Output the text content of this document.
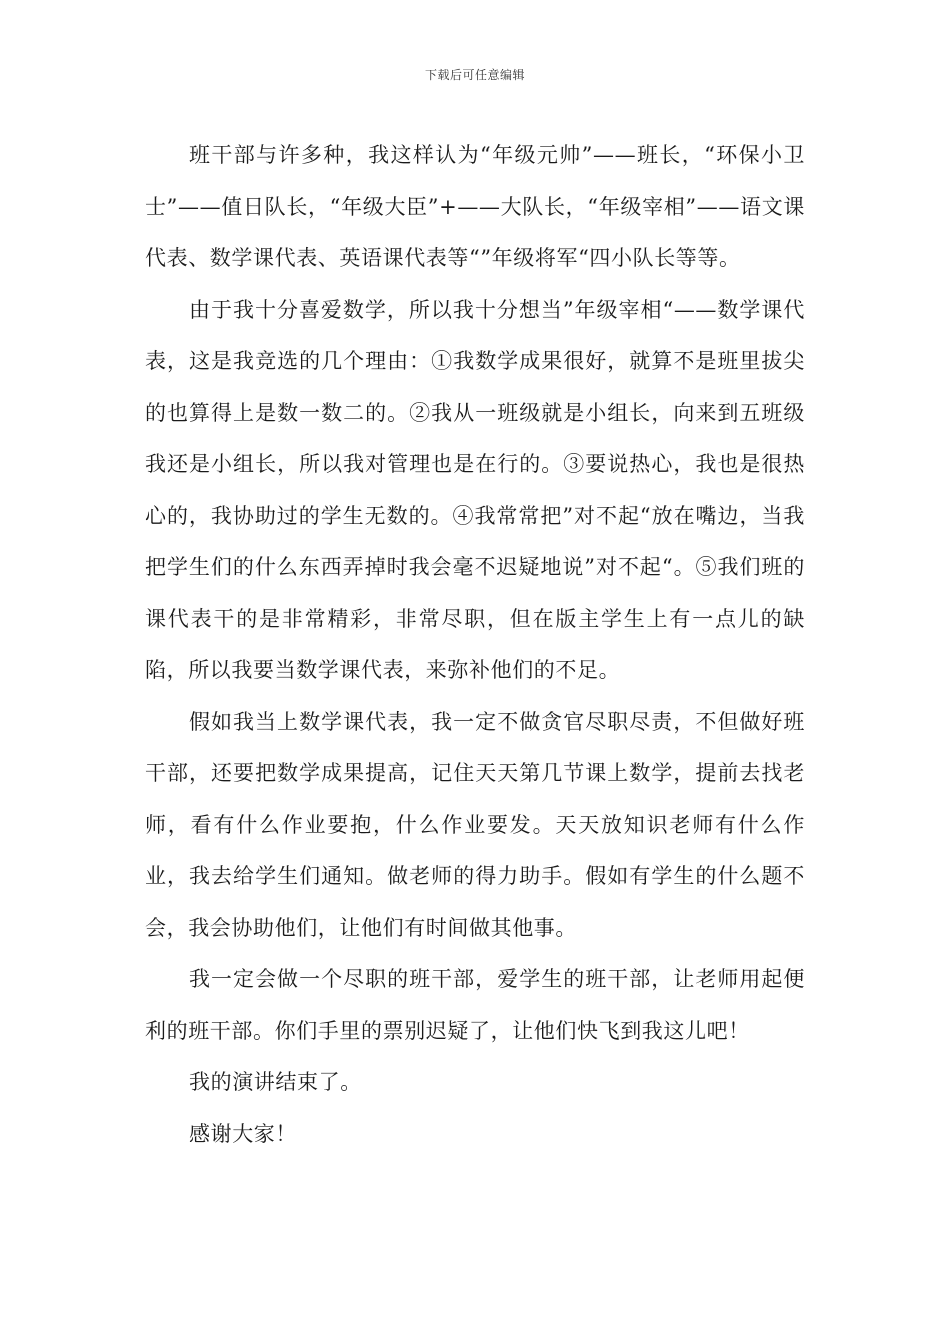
下载后可任意编辑

班干部与许多种，我这样认为“年级元帅”——班长，“环保小卫士”——值日队长，“年级大臣”+——大队长，“年级宰相”——语文课代表、数学课代表、英语课代表等“”年级将军“四小队长等等。

由于我十分喜爱数学，所以我十分想当”年级宰相“——数学课代表，这是我竞选的几个理由：①我数学成果很好，就算不是班里拔尖的也算得上是数一数二的。②我从一班级就是小组长，向来到五班级我还是小组长，所以我对管理也是在行的。③要说热心，我也是很热心的，我协助过的学生无数的。④我常常把”对不起“放在嘴边，当我把学生们的什么东西弄掉时我会毫不迟疑地说”对不起“。⑤我们班的课代表干的是非常精彩，非常尽职，但在版主学生上有一点儿的缺陷，所以我要当数学课代表，来弥补他们的不足。

假如我当上数学课代表，我一定不做贪官尽职尽责，不但做好班干部，还要把数学成果提高，记住天天第几节课上数学，提前去找老师，看有什么作业要抱，什么作业要发。天天放知识老师有什么作业，我去给学生们通知。做老师的得力助手。假如有学生的什么题不会，我会协助他们，让他们有时间做其他事。

我一定会做一个尽职的班干部，爱学生的班干部，让老师用起便利的班干部。你们手里的票别迟疑了，让他们快飞到我这儿吧！

我的演讲结束了。

感谢大家！
